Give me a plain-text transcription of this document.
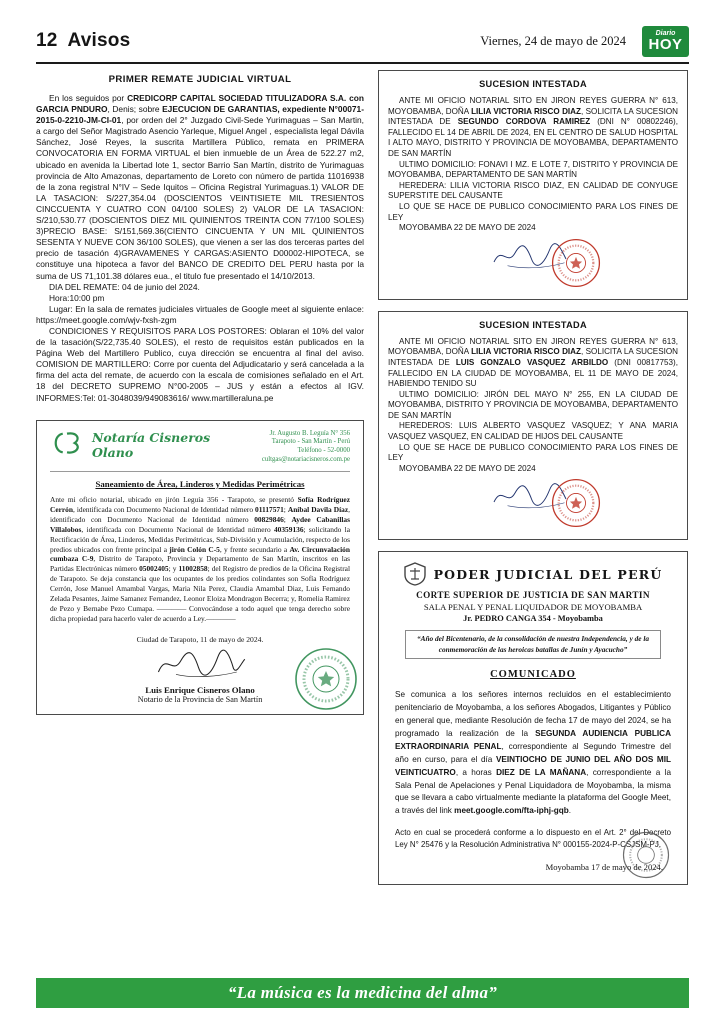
12 Avisos	Viernes, 24 de mayo de 2024	Diario
HOY
PRIMER REMATE JUDICIAL VIRTUAL

En los seguidos por CREDICORP CAPITAL SOCIEDAD TITULIZADORA S.A. con GARCIA PNDURO, Denis; sobre EJECUCION DE GARANTIAS, expediente N°00071-2015-0-2210-JM-CI-01, por orden del 2° Juzgado Civil-Sede Yurimaguas – San Martin, a cargo del Señor Magistrado Asencio Yarleque, Miguel Angel , especialista legal Dávila Sánchez, José Reyes, la suscrita Martillera Público, remata en PRIMERA CONVOCATORIA EN FORMA VIRTUAL el bien inmueble de un Área de 522.27 m2, ubicado en avenida la Libertad lote 1, sector Barrio San Martín, distrito de Yurimaguas provincia de Alto Amazonas, departamento de Loreto con número de partida 11016938 de la zona registral N°IV – Sede Iquitos – Oficina Registral Yurimaguas.1) VALOR DE LA TASACION: S/227,354.04 (DOSCIENTOS VEINTISIETE MIL TRESIENTOS CINCCUENTA Y CUATRO CON 04/100 SOLES) 2) VALOR DE LA TASACION: S/210,530.77 (DOSCIENTOS DIEZ MIL QUINIENTOS TREINTA CON 77/100 SOLES) 3)PRECIO BASE: S/151,569.36(CIENTO CINCUENTA Y UN MIL QUINIENTOS SESENTA Y NUEVE CON 36/100 SOLES), que vienen a ser las dos terceras partes del precio de tasación 4)GRAVAMENES Y CARGAS:ASIENTO D00002-HIPOTECA, se constituye una hipoteca a favor del BANCO DE CREDITO DEL PERU hasta por la suma de US 71,101.38 dólares eua., el titulo fue presentado el 14/10/2013.

DIA DEL REMATE: 04 de junio del 2024.

Hora:10:00 pm

Lugar: En la sala de remates judiciales virtuales de Google meet al siguiente enlace: https://meet.google.com/wjv-fxsh-zgm

CONDICIONES Y REQUISITOS PARA LOS POSTORES: Oblaran el 10% del valor de la tasación(S/22,735.40 SOLES), el resto de requisitos están publicados en la Página Web del Martillero Publico, cuya dirección se encuentra al final del aviso. COMISION DE MARTILLERO: Corre por cuenta del Adjudicatario y será cancelada a la firma del acta del remate, de acuerdo con la escala de comisiones señalado en el Art. 18 del DECRETO SUPREMO N°00-2005 – JUS y están a efectos al IGV. INFORMES:Tel: 01-3048039/949083616/ www.martilleraluna.pe

Notaría Cisneros Olano
Jr. Augusto B. Leguía N° 356
Tarapoto - San Martín - Perú
Teléfono - 52-0000
cultgas@notariacisneros.com.pe
Saneamiento de Área, Linderos y Medidas Perimétricas
Ante mi oficio notarial, ubicado en jirón Leguía 356 - Tarapoto, se presentó Sofía Rodríguez Cerrón, identificada con Documento Nacional de Identidad número 01117571; Aníbal Davila Díaz, identificado con Documento Nacional de Identidad número 00829846; Aydee Cabanillas Villalobos, identificada con Documento Nacional de Identidad número 40359136; solicitando la Rectificación de Área, Linderos, Medidas Perimétricas, Sub-División y Acumulación, respecto de los predios ubicados con frente principal a jirón Colón C-5, y frente secundario a Av. Circunvalación cumbaza C-9, Distrito de Tarapoto, Provincia y Departamento de San Martín, inscritos en las Partidas Electrónicas número 05002405; y 11002858; del Registro de predios de la Oficina Registral de Tarapoto. Se deja constancia que los ocupantes de los predios colindantes son Sofía Rodríguez Cerrón, Jose Manuel Amambal Vargas, Maria Nila Perez, Claudia Amambal Diaz, Luis Fernando Zelada Pesantes, Jaime Samanez Fernandez, Leonor Eloiza Mondragon Becerra; y, Romelia Ramirez de Pezo y Bernabe Pezo Cumapa. ———— Convocándose a todo aquel que tenga derecho sobre dicha propiedad para hacerlo valer de acuerdo a Ley.————
Ciudad de Tarapoto, 11 de mayo de 2024.
Luis Enrique Cisneros Olano
Notario de la Provincia de San Martín
SUCESION INTESTADA

ANTE MI OFICIO NOTARIAL SITO EN JIRON REYES GUERRA N° 613, MOYOBAMBA, DOÑA LILIA VICTORIA RISCO DIAZ, SOLICITA LA SUCESION INTESTADA DE SEGUNDO CORDOVA RAMIREZ (DNI N° 00802246), FALLECIDO EL 14 DE ABRIL DE 2024, EN EL CENTRO DE SALUD HOSPITAL I ALTO MAYO, DISTRITO Y PROVINCIA DE MOYOBAMBA, DEPARTAMENTO DE SAN MARTÍN

ULTIMO DOMICILIO: FONAVI I MZ. E LOTE 7, DISTRITO Y PROVINCIA DE MOYOBAMBA, DEPARTAMENTO DE SAN MARTÍN

HEREDERA: LILIA VICTORIA RISCO DIAZ, EN CALIDAD DE CONYUGE SUPERSTITE DEL CAUSANTE

LO QUE SE HACE DE PUBLICO CONOCIMIENTO PARA LOS FINES DE LEY

MOYOBAMBA 22 DE MAYO DE 2024

SUCESION INTESTADA

ANTE MI OFICIO NOTARIAL SITO EN JIRON REYES GUERRA N° 613, MOYOBAMBA, DOÑA LILIA VICTORIA RISCO DIAZ, SOLICITA LA SUCESION INTESTADA DE LUIS GONZALO VASQUEZ ARBILDO (DNI 00817753), FALLECIDO EN LA CIUDAD DE MOYOBAMBA, EL 11 DE MAYO DE 2024, HABIENDO TENIDO SU

ULTIMO DOMICILIO: JIRÓN DEL MAYO N° 255, EN LA CIUDAD DE MOYOBAMBA, DISTRITO Y PROVINCIA DE MOYOBAMBA, DEPARTAMENTO DE SAN MARTÍN

HEREDEROS: LUIS ALBERTO VASQUEZ VASQUEZ; Y ANA MARIA VASQUEZ VASQUEZ, EN CALIDAD DE HIJOS DEL CAUSANTE

LO QUE SE HACE DE PUBLICO CONOCIMIENTO PARA LOS FINES DE LEY

MOYOBAMBA 22 DE MAYO DE 2024

PODER JUDICIAL DEL PERÚ
CORTE SUPERIOR DE JUSTICIA DE SAN MARTIN
SALA PENAL Y PENAL LIQUIDADOR DE MOYOBAMBA
Jr. PEDRO CANGA 354 - Moyobamba
“Año del Bicentenario, de la consolidación de nuestra Independencia, y de la conmemoración de las heroicas batallas de Junín y Ayacucho”
COMUNICADO
Se comunica a los señores internos recluidos en el establecimiento penitenciario de Moyobamba, a los señores Abogados, Litigantes y Público en general que, mediante Resolución de fecha 17 de mayo del 2024, se ha programado la realización de la SEGUNDA AUDIENCIA PUBLICA EXTRAORDINARIA PENAL, correspondiente al Segundo Trimestre del año en curso, para el día VEINTIOCHO DE JUNIO DEL AÑO DOS MIL VEINTICUATRO, a horas DIEZ DE LA MAÑANA, correspondiente a la Sala Penal de Apelaciones y Penal Liquidadora de Moyobamba, la misma que se llevara a cabo virtualmente mediante la plataforma del Google Meet, a través del link meet.google.com/fta-iphj-gqb.
Acto en cual se procederá conforme a lo dispuesto en el Art. 2° del Decreto Ley N° 25476 y la Resolución Administrativa N° 000155-2024-P-CSJSM-PJ.
Moyobamba 17 de mayo de 2024.
“La música es la medicina del alma”
